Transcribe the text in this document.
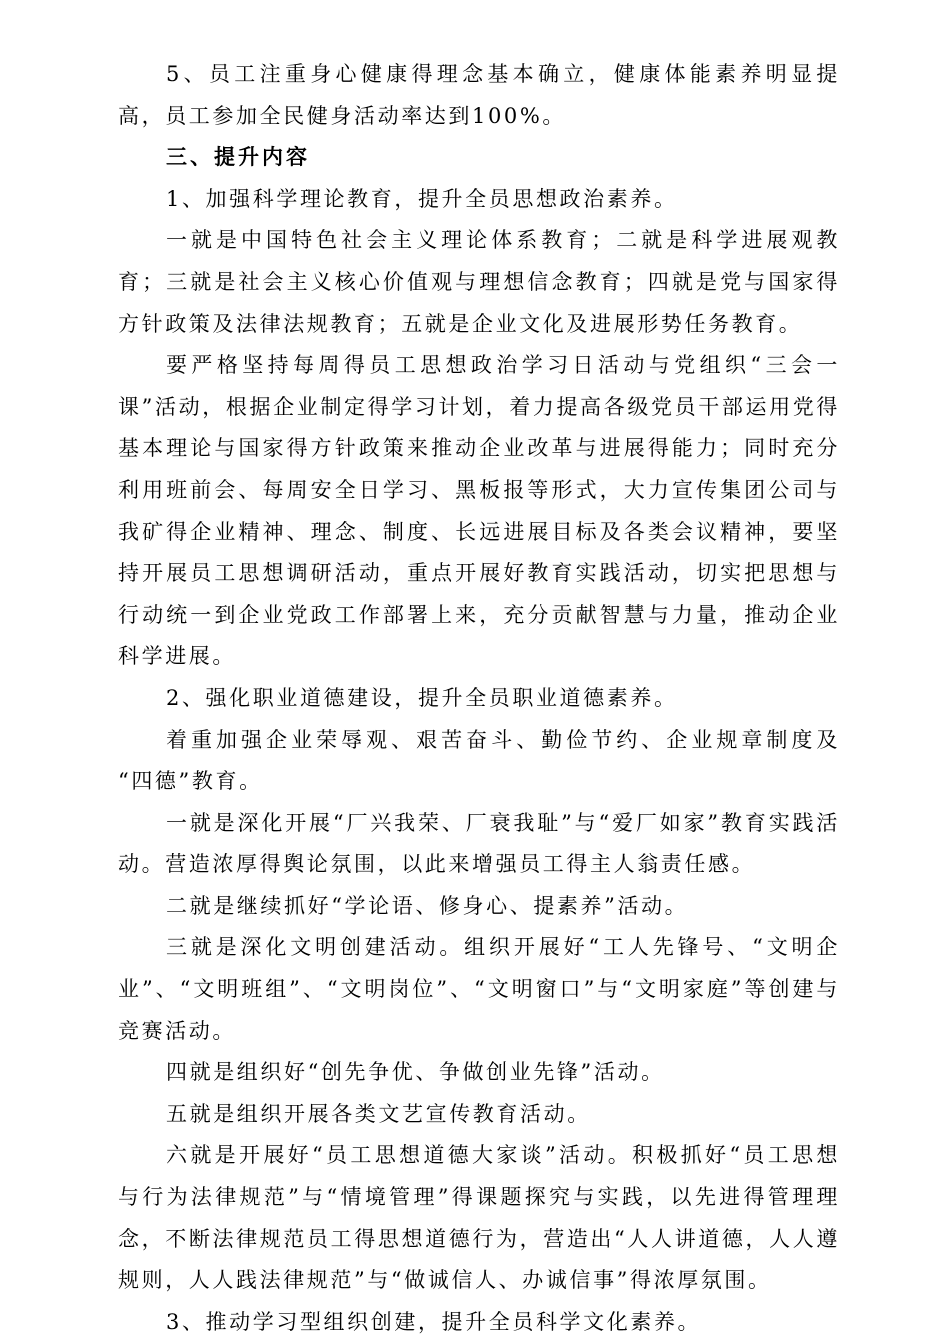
5、员工注重身心健康得理念基本确立，健康体能素养明显提高，员工参加全民健身活动率达到100%。

三、提升内容

1、加强科学理论教育，提升全员思想政治素养。

一就是中国特色社会主义理论体系教育；二就是科学进展观教育；三就是社会主义核心价值观与理想信念教育；四就是党与国家得方针政策及法律法规教育；五就是企业文化及进展形势任务教育。

要严格坚持每周得员工思想政治学习日活动与党组织“三会一课”活动，根据企业制定得学习计划，着力提高各级党员干部运用党得基本理论与国家得方针政策来推动企业改革与进展得能力；同时充分利用班前会、每周安全日学习、黑板报等形式，大力宣传集团公司与我矿得企业精神、理念、制度、长远进展目标及各类会议精神，要坚持开展员工思想调研活动，重点开展好教育实践活动，切实把思想与行动统一到企业党政工作部署上来，充分贡献智慧与力量，推动企业科学进展。

2、强化职业道德建设，提升全员职业道德素养。

着重加强企业荣辱观、艰苦奋斗、勤俭节约、企业规章制度及 “四德”教育。

一就是深化开展“厂兴我荣、厂衰我耻”与“爱厂如家”教育实践活动。营造浓厚得舆论氛围，以此来增强员工得主人翁责任感。

二就是继续抓好“学论语、修身心、提素养”活动。

三就是深化文明创建活动。组织开展好“工人先锋号、“文明企业”、“文明班组”、“文明岗位”、“文明窗口”与“文明家庭”等创建与竞赛活动。

四就是组织好“创先争优、争做创业先锋”活动。

五就是组织开展各类文艺宣传教育活动。

六就是开展好“员工思想道德大家谈”活动。积极抓好“员工思想与行为法律规范”与“情境管理”得课题探究与实践，以先进得管理理念，不断法律规范员工得思想道德行为，营造出“人人讲道德，人人遵规则，人人践法律规范”与“做诚信人、办诚信事”得浓厚氛围。

3、推动学习型组织创建，提升全员科学文化素养。
